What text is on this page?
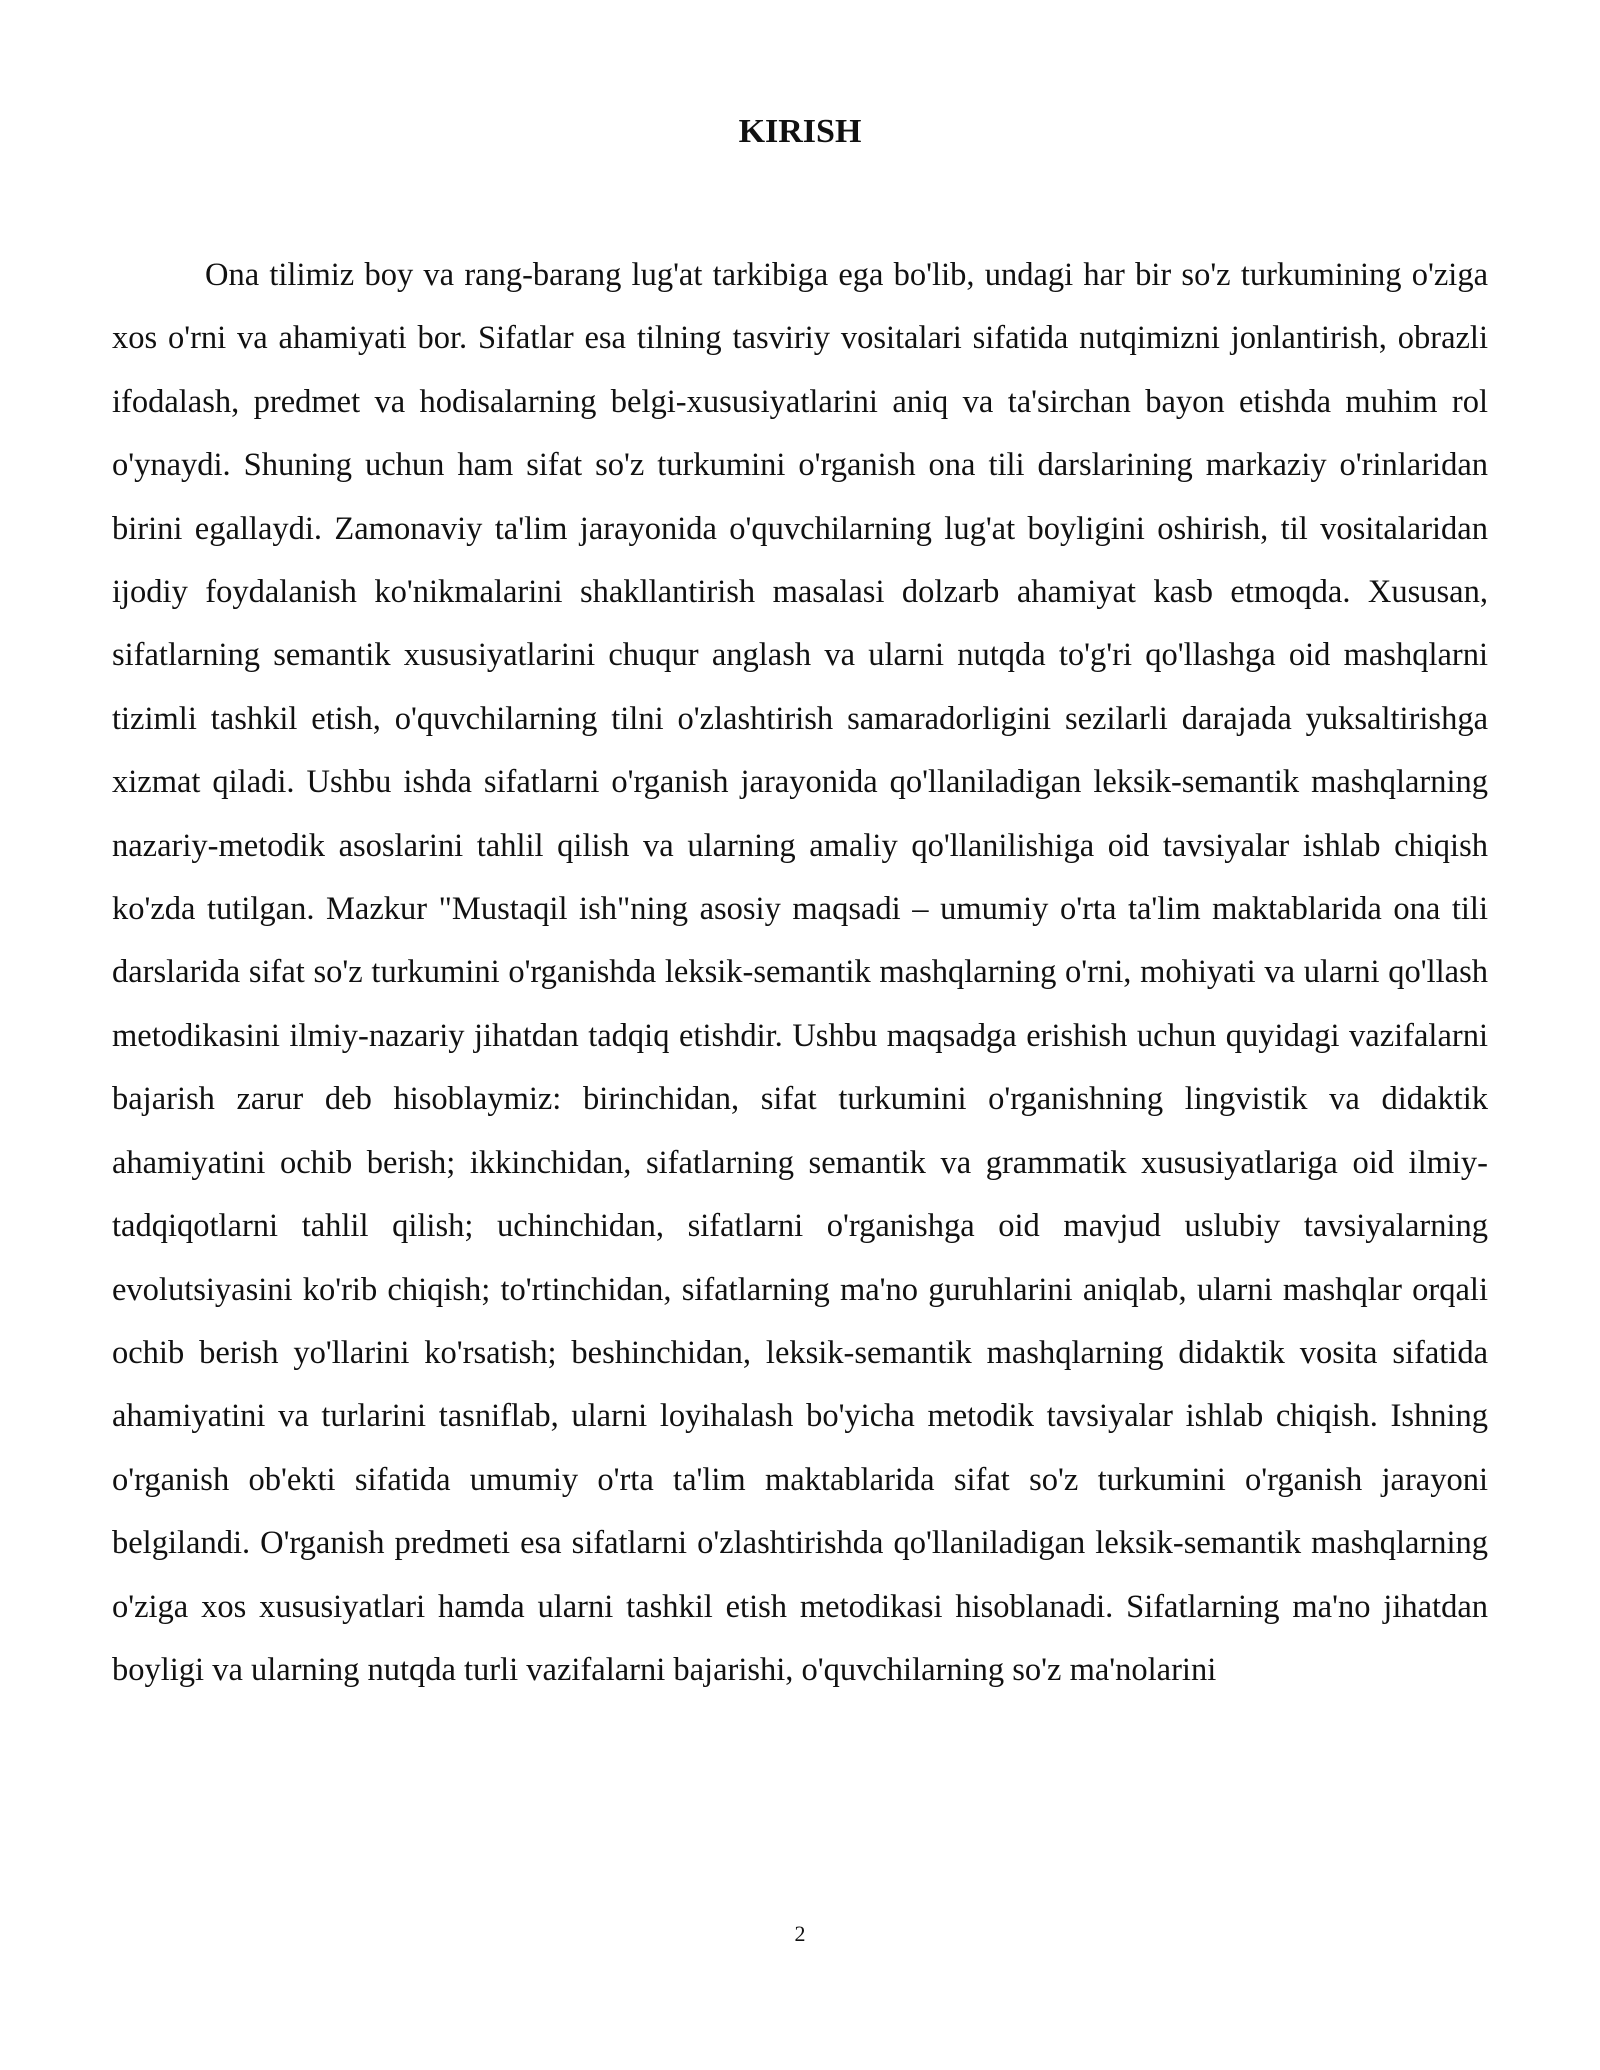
KIRISH

Ona tilimiz boy va rang-barang lug'at tarkibiga ega bo'lib, undagi har bir so'z turkumining o'ziga xos o'rni va ahamiyati bor. Sifatlar esa tilning tasviriy vositalari sifatida nutqimizni jonlantirish, obrazli ifodalash, predmet va hodisalarning belgi-xususiyatlarini aniq va ta'sirchan bayon etishda muhim rol o'ynaydi. Shuning uchun ham sifat so'z turkumini o'rganish ona tili darslarining markaziy o'rinlaridan birini egallaydi. Zamonaviy ta'lim jarayonida o'quvchilarning lug'at boyligini oshirish, til vositalaridan ijodiy foydalanish ko'nikmalarini shakllantirish masalasi dolzarb ahamiyat kasb etmoqda. Xususan, sifatlarning semantik xususiyatlarini chuqur anglash va ularni nutqda to'g'ri qo'llashga oid mashqlarni tizimli tashkil etish, o'quvchilarning tilni o'zlashtirish samaradorligini sezilarli darajada yuksaltirishga xizmat qiladi. Ushbu ishda sifatlarni o'rganish jarayonida qo'llaniladigan leksik-semantik mashqlarning nazariy-metodik asoslarini tahlil qilish va ularning amaliy qo'llanilishiga oid tavsiyalar ishlab chiqish ko'zda tutilgan. Mazkur "Mustaqil ish"ning asosiy maqsadi – umumiy o'rta ta'lim maktablarida ona tili darslarida sifat so'z turkumini o'rganishda leksik-semantik mashqlarning o'rni, mohiyati va ularni qo'llash metodikasini ilmiy-nazariy jihatdan tadqiq etishdir. Ushbu maqsadga erishish uchun quyidagi vazifalarni bajarish zarur deb hisoblaymiz: birinchidan, sifat turkumini o'rganishning lingvistik va didaktik ahamiyatini ochib berish; ikkinchidan, sifatlarning semantik va grammatik xususiyatlariga oid ilmiy-tadqiqotlarni tahlil qilish; uchinchidan, sifatlarni o'rganishga oid mavjud uslubiy tavsiyalarning evolutsiyasini ko'rib chiqish; to'rtinchidan, sifatlarning ma'no guruhlarini aniqlab, ularni mashqlar orqali ochib berish yo'llarini ko'rsatish; beshinchidan, leksik-semantik mashqlarning didaktik vosita sifatida ahamiyatini va turlarini tasniflab, ularni loyihalash bo'yicha metodik tavsiyalar ishlab chiqish. Ishning o'rganish ob'ekti sifatida umumiy o'rta ta'lim maktablarida sifat so'z turkumini o'rganish jarayoni belgilandi. O'rganish predmeti esa sifatlarni o'zlashtirishda qo'llaniladigan leksik-semantik mashqlarning o'ziga xos xususiyatlari hamda ularni tashkil etish metodikasi hisoblanadi. Sifatlarning ma'no jihatdan boyligi va ularning nutqda turli vazifalarni bajarishi, o'quvchilarning so'z ma'nolarini

2
